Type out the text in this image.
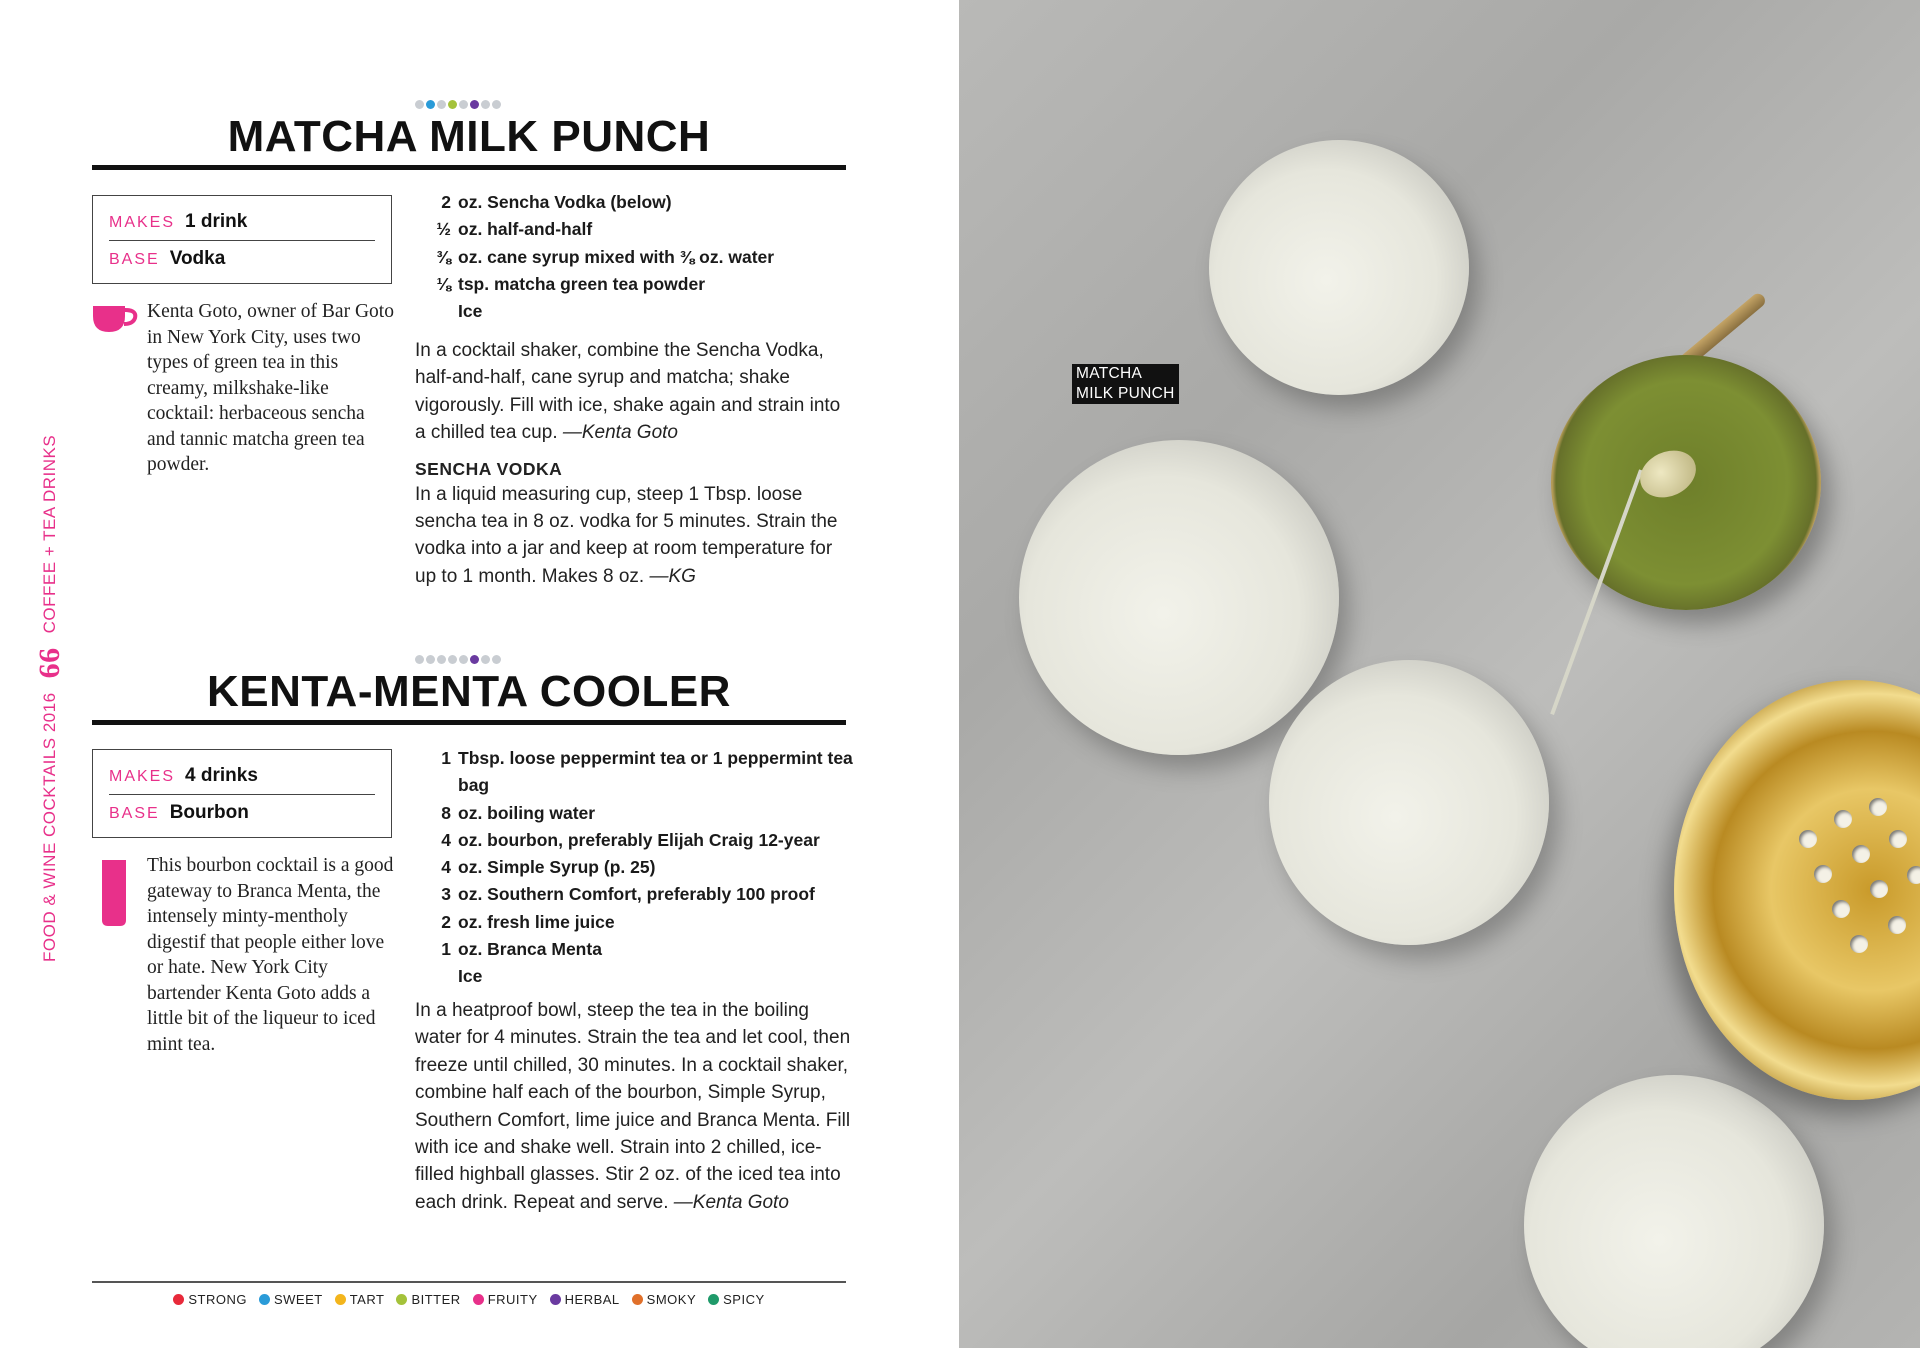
FOOD & WINE COCKTAILS 2016
66
COFFEE + TEA DRINKS
MATCHA MILK PUNCH
MAKES 1 drink
BASE Vodka
Kenta Goto, owner of Bar Goto in New York City, uses two types of green tea in this creamy, milkshake-like cocktail: herbaceous sencha and tannic matcha green tea powder.
2 oz. Sencha Vodka (below)
½ oz. half-and-half
⅜ oz. cane syrup mixed with ⅜ oz. water
⅛ tsp. matcha green tea powder
Ice
In a cocktail shaker, combine the Sencha Vodka, half-and-half, cane syrup and matcha; shake vigorously. Fill with ice, shake again and strain into a chilled tea cup. —Kenta Goto
SENCHA VODKA
In a liquid measuring cup, steep 1 Tbsp. loose sencha tea in 8 oz. vodka for 5 minutes. Strain the vodka into a jar and keep at room temperature for up to 1 month. Makes 8 oz. —KG
KENTA-MENTA COOLER
MAKES 4 drinks
BASE Bourbon
This bourbon cocktail is a good gateway to Branca Menta, the intensely minty-mentholy digestif that people either love or hate. New York City bartender Kenta Goto adds a little bit of the liqueur to iced mint tea.
1 Tbsp. loose peppermint tea or 1 peppermint tea bag
8 oz. boiling water
4 oz. bourbon, preferably Elijah Craig 12-year
4 oz. Simple Syrup (p. 25)
3 oz. Southern Comfort, preferably 100 proof
2 oz. fresh lime juice
1 oz. Branca Menta
Ice
In a heatproof bowl, steep the tea in the boiling water for 4 minutes. Strain the tea and let cool, then freeze until chilled, 30 minutes. In a cocktail shaker, combine half each of the bourbon, Simple Syrup, Southern Comfort, lime juice and Branca Menta. Fill with ice and shake well. Strain into 2 chilled, ice-filled highball glasses. Stir 2 oz. of the iced tea into each drink. Repeat and serve. —Kenta Goto
STRONG SWEET TART BITTER FRUITY HERBAL SMOKY SPICY
MATCHA
MILK PUNCH
